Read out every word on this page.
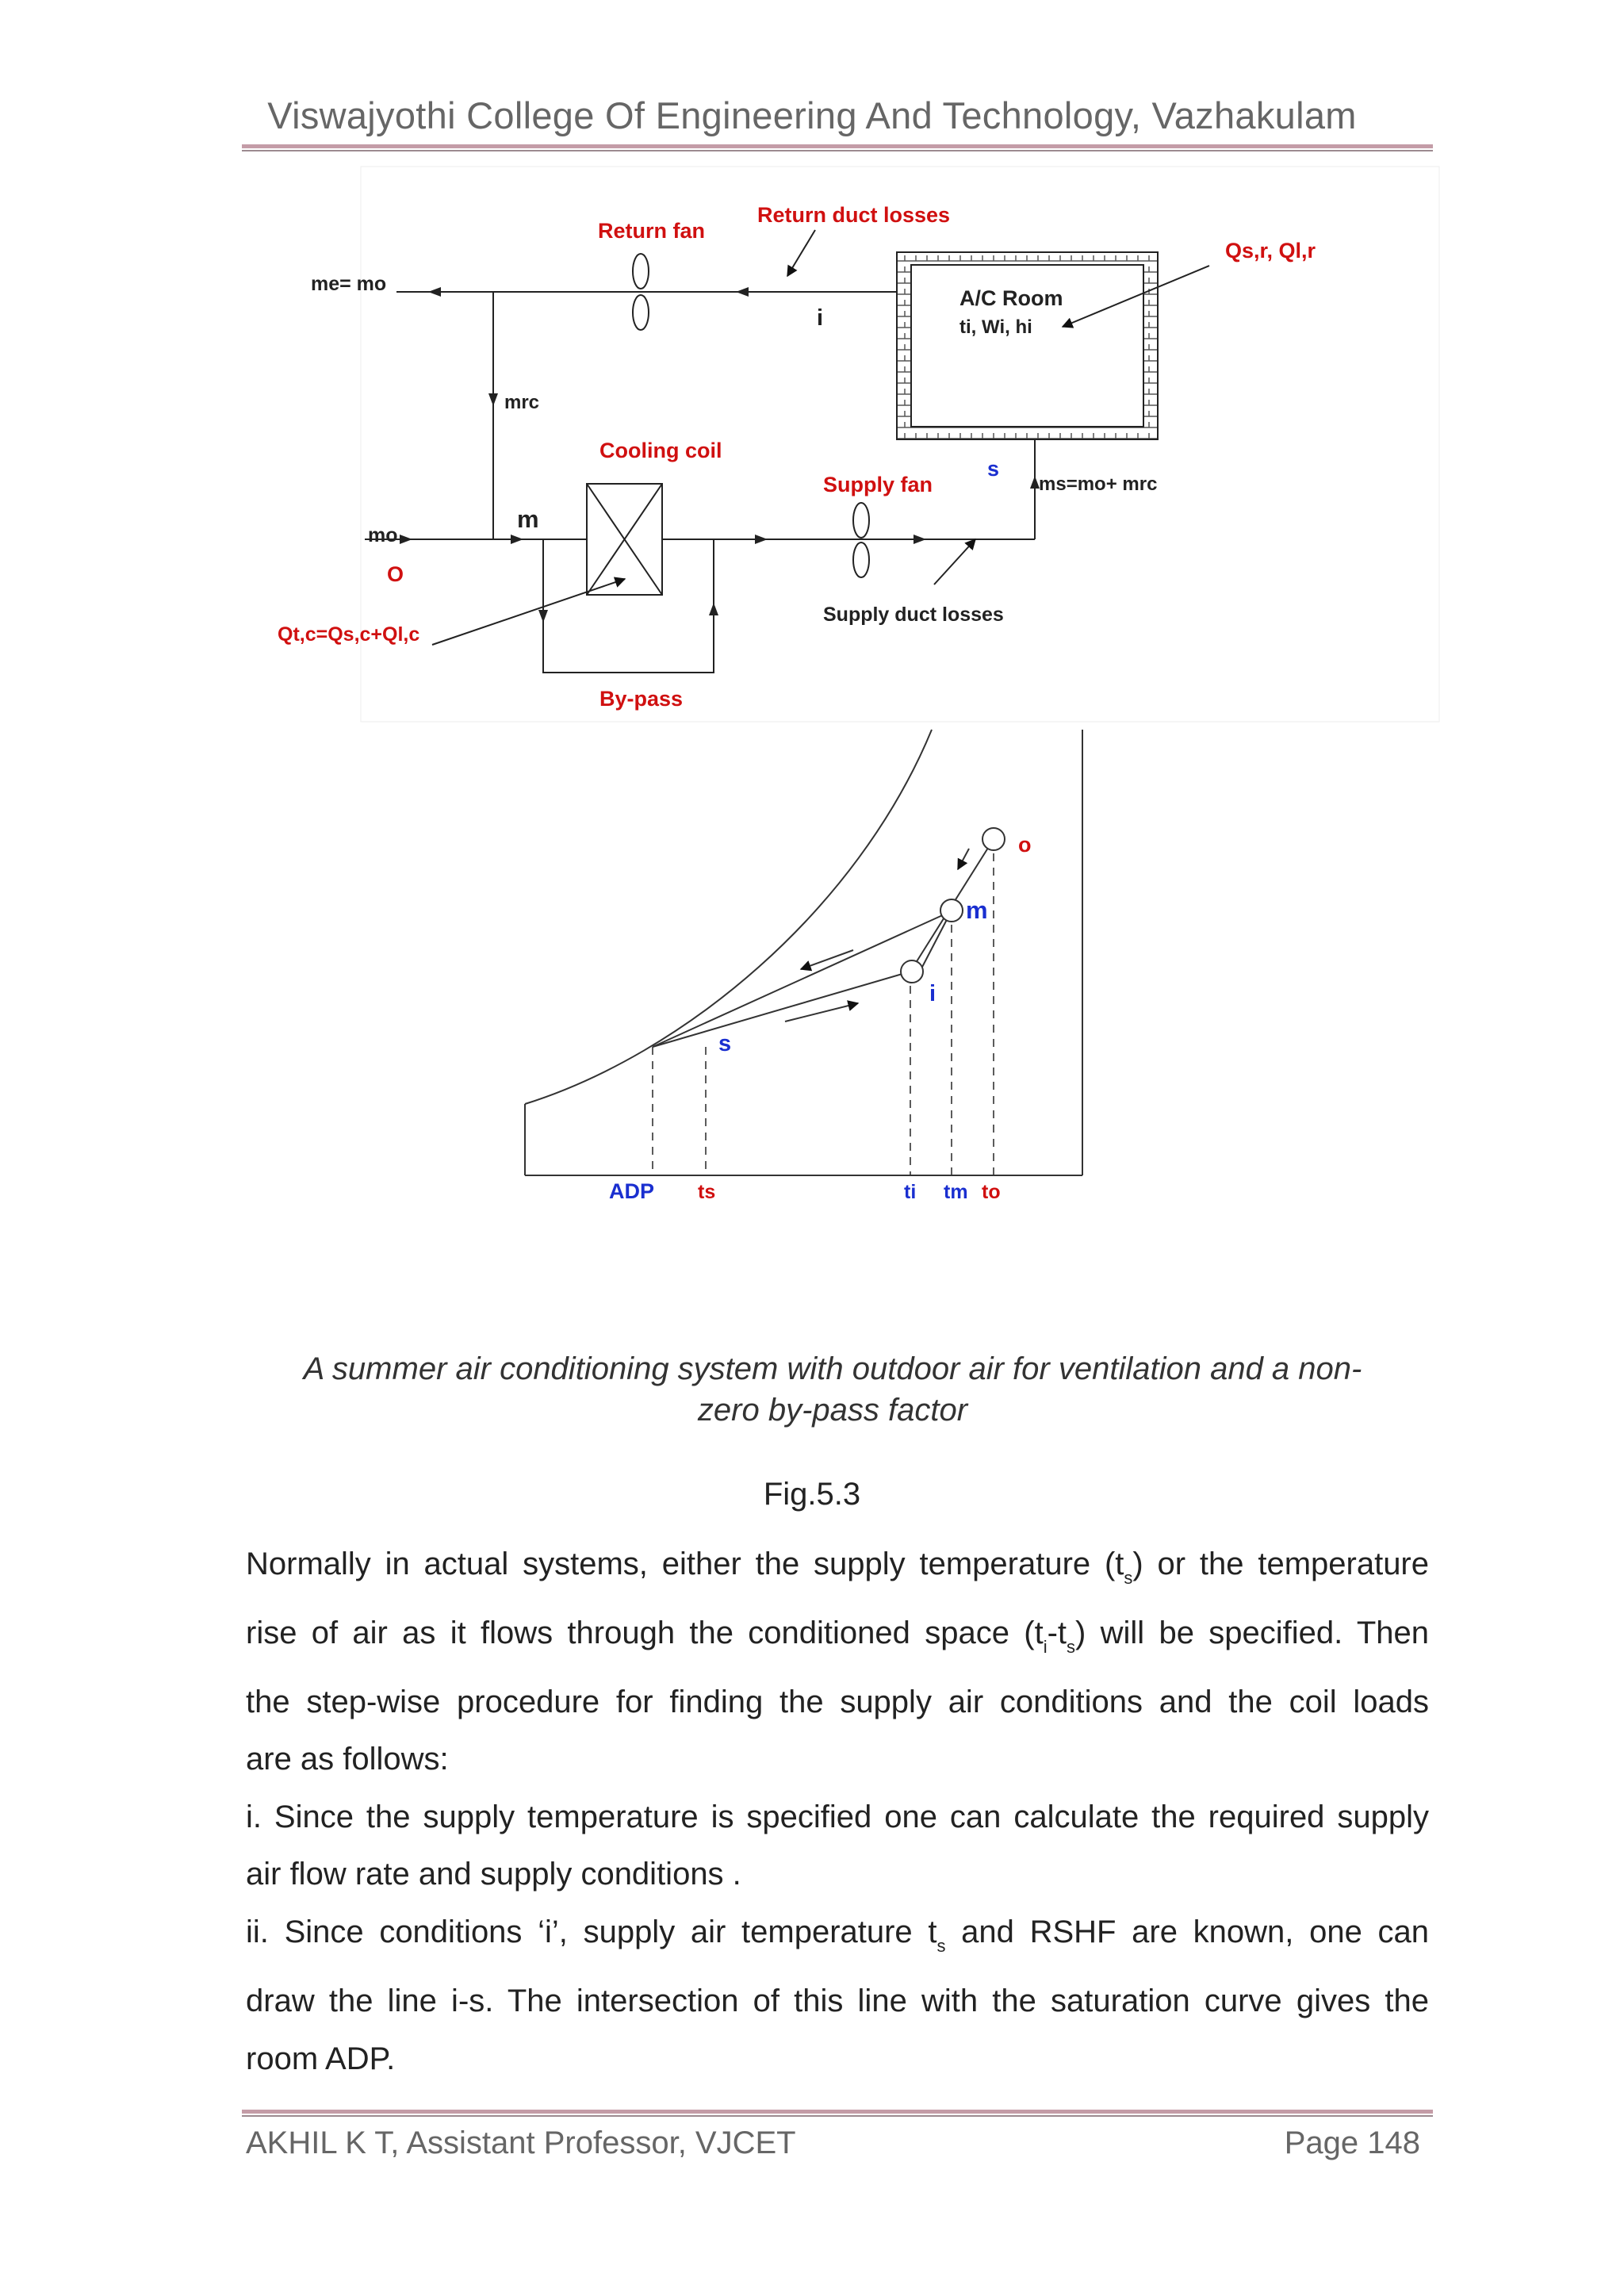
Viswajyothi College Of Engineering And Technology, Vazhakulam
Return fan
Return duct losses
Qs,r, Ql,r
me= mo
i
A/C Room
ti, Wi, hi
mrc
Cooling coil
Supply fan
s
ms=mo+ mrc
mo
m
O
Supply duct losses
Qt,c=Qs,c+Ql,c
By-pass
o
m
i
s
ADP ts	ti tm to
A summer air conditioning system with outdoor air for ventilation and a non-
zero by-pass factor
Fig.5.3
Normally in actual systems, either the supply temperature $(t_s)$ or the temperature
rise of air as it flows through the conditioned space $(t_i-t_s)$ will be specified. Then
the step-wise procedure for finding the supply air conditions and the coil loads
are as follows:
i. Since the supply temperature is specified one can calculate the required supply
air flow rate and supply conditions .
ii. Since conditions ‘i’, supply air temperature $t_s$ and RSHF are known, one can
draw the line i-s. The intersection of this line with the saturation curve gives the
room ADP.
AKHIL K T, Assistant Professor, VJCET	Page 148
